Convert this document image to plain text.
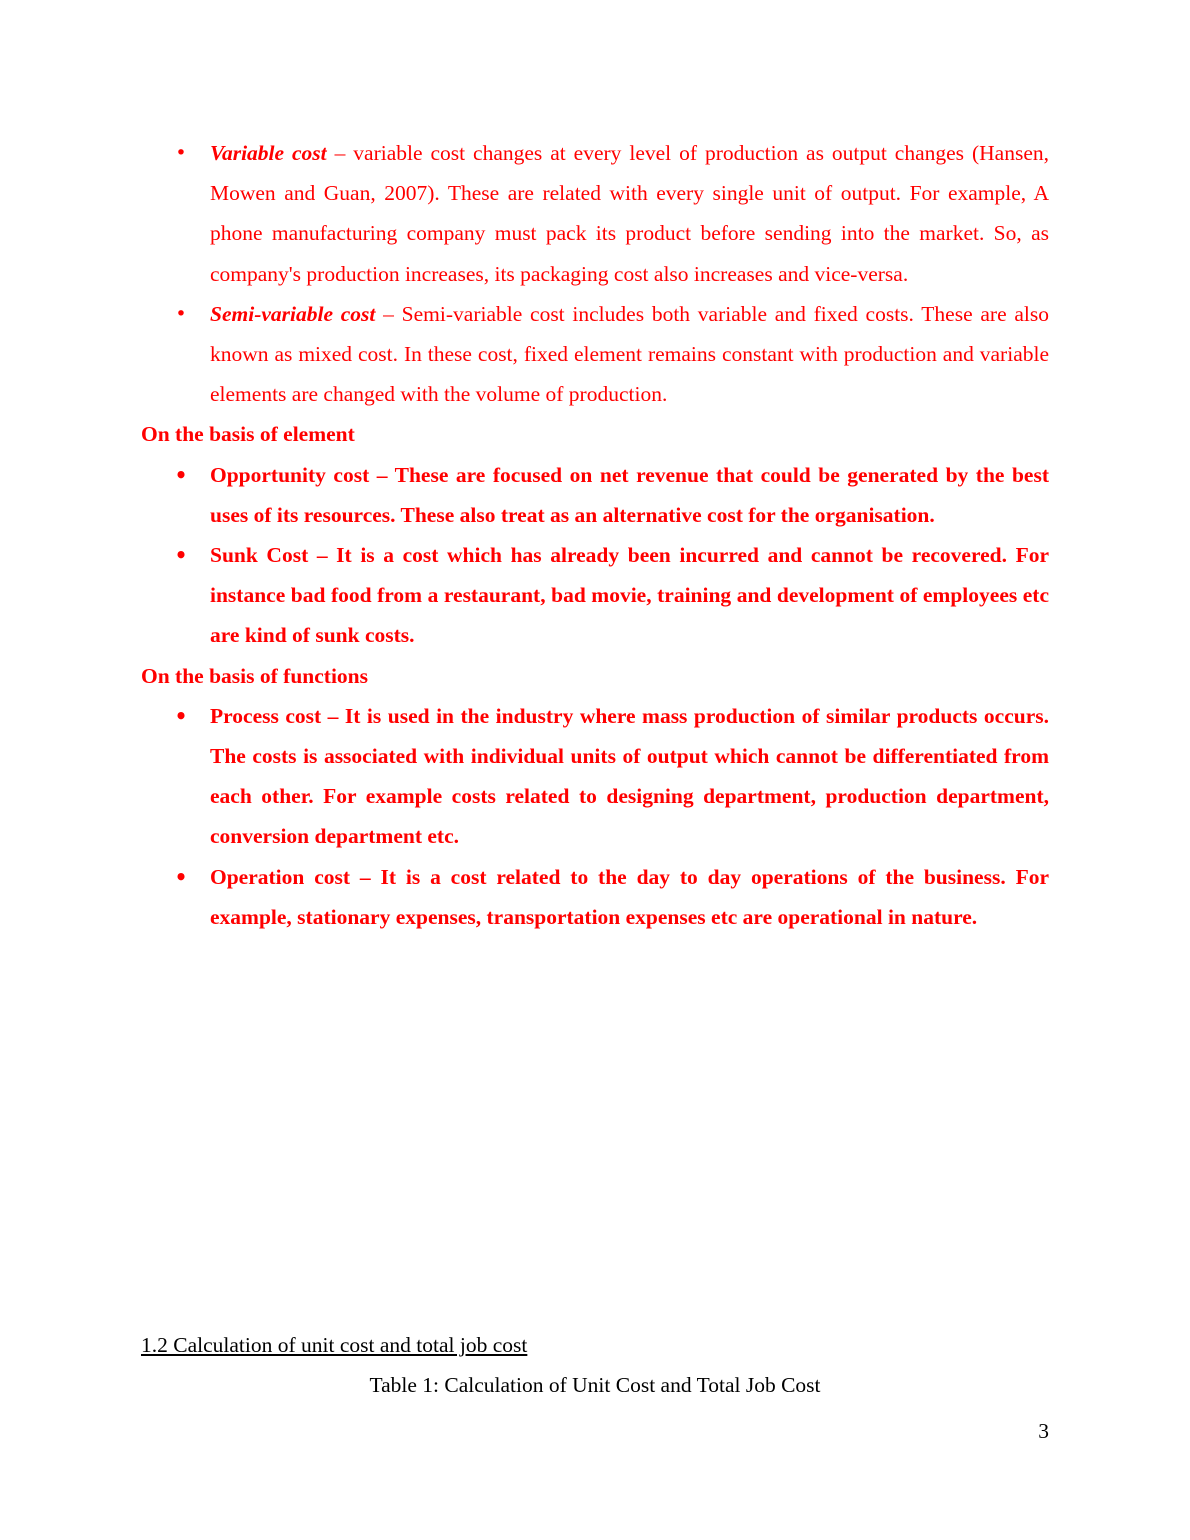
• Variable cost – variable cost changes at every level of production as output changes (Hansen, Mowen and Guan, 2007). These are related with every single unit of output. For example, A phone manufacturing company must pack its product before sending into the market. So, as company's production increases, its packaging cost also increases and vice-versa.
• Semi-variable cost – Semi-variable cost includes both variable and fixed costs. These are also known as mixed cost. In these cost, fixed element remains constant with production and variable elements are changed with the volume of production.
On the basis of element
• Opportunity cost – These are focused on net revenue that could be generated by the best uses of its resources. These also treat as an alternative cost for the organisation.
• Sunk Cost – It is a cost which has already been incurred and cannot be recovered. For instance bad food from a restaurant, bad movie, training and development of employees etc are kind of sunk costs.
On the basis of functions
• Process cost – It is used in the industry where mass production of similar products occurs. The costs is associated with individual units of output which cannot be differentiated from each other. For example costs related to designing department, production department, conversion department etc.
• Operation cost – It is a cost related to the day to day operations of the business. For example, stationary expenses, transportation expenses etc are operational in nature.
1.2 Calculation of unit cost and total job cost
Table 1: Calculation of Unit Cost and Total Job Cost
3
